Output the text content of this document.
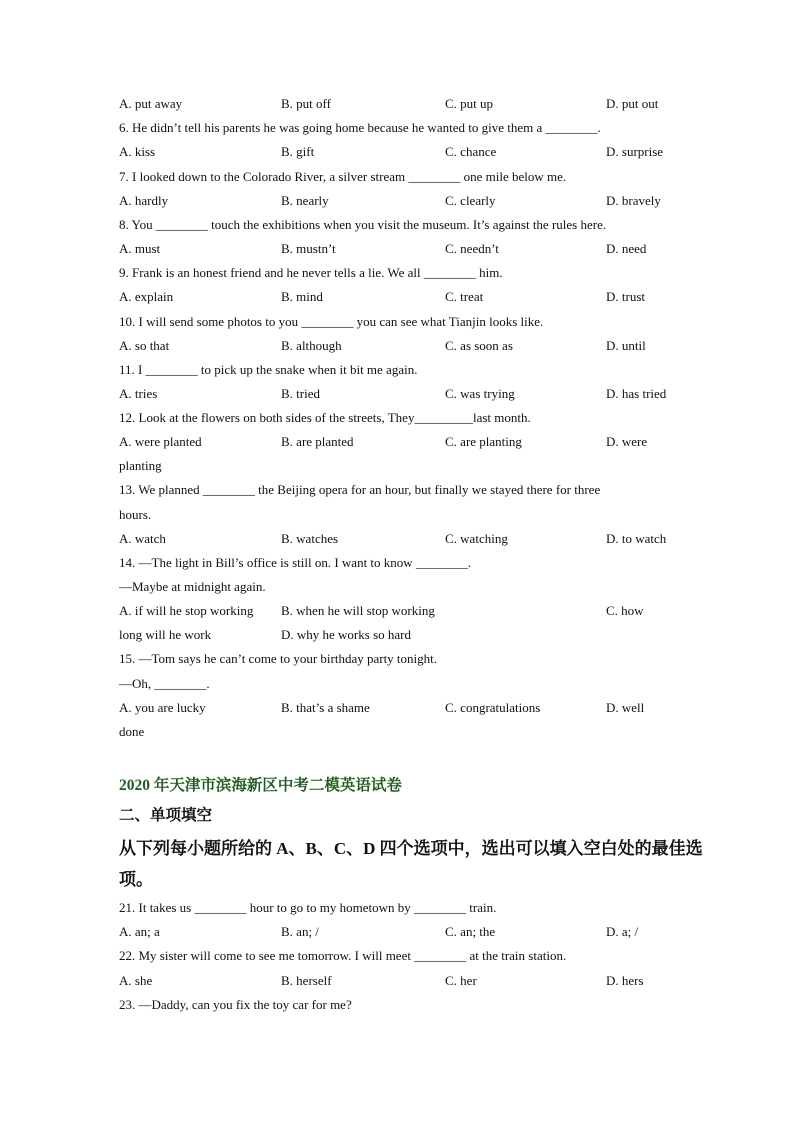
A. put away	B. put off	C. put up	D. put out
6. He didn’t tell his parents he was going home because he wanted to give them a ________.
A. kiss	B. gift	C. chance	D. surprise
7. I looked down to the Colorado River, a silver stream ________ one mile below me.
A. hardly	B. nearly	C. clearly	D. bravely
8. You ________ touch the exhibitions when you visit the museum. It’s against the rules here.
A. must	B. mustn’t	C. needn’t	D. need
9. Frank is an honest friend and he never tells a lie. We all ________ him.
A. explain	B. mind	C. treat	D. trust
10. I will send some photos to you ________ you can see what Tianjin looks like.
A. so that	B. although	C. as soon as	D. until
11. I ________ to pick up the snake when it bit me again.
A. tries	B. tried	C. was trying	D. has tried
12. Look at the flowers on both sides of the streets, They_________last month.
A. were planted	B. are planted	C. are planting	D. were
planting
13. We planned ________ the Beijing opera for an hour, but finally we stayed there for three
hours.
A. watch	B. watches	C. watching	D. to watch
14. —The light in Bill’s office is still on. I want to know ________.
—Maybe at midnight again.
A. if will he stop working B. when he will stop working	C. how
long will he work	D. why he works so hard
15. —Tom says he can’t come to your birthday party tonight.
—Oh, ________.
A. you are lucky	B. that’s a shame	C. congratulations	D. well
done
2020 年天津市滨海新区中考二模英语试卷
二、单项填空
从下列每小题所给的 A、B、C、D 四个选项中，选出可以填入空白处的最佳选
项。
21. It takes us ________ hour to go to my hometown by ________ train.
A. an; a	B. an; /	C. an; the	D. a; /
22. My sister will come to see me tomorrow. I will meet ________ at the train station.
A. she	B. herself	C. her	D. hers
23. —Daddy, can you fix the toy car for me?
